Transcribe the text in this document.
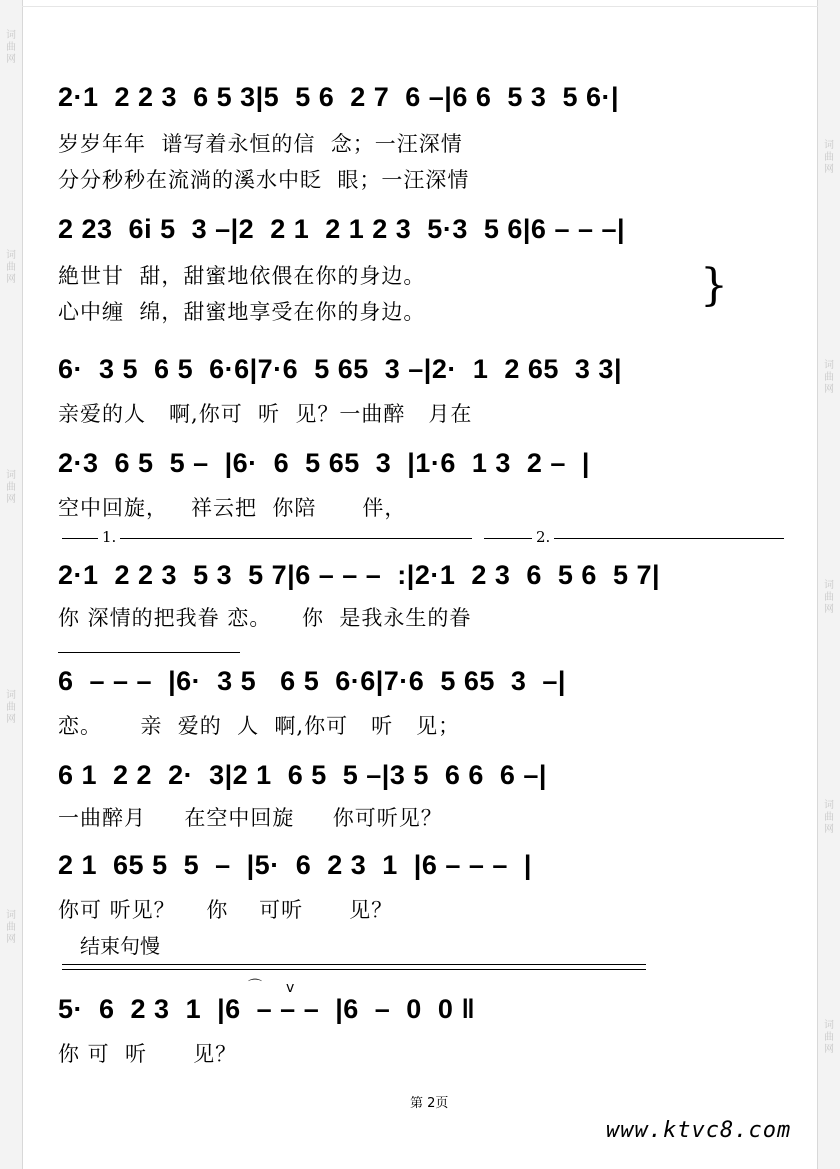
词曲网
词曲网
词曲网
词曲网
词曲网
词曲网
词曲网
词曲网
词曲网
词曲网
2·1  2 2 3  6 5 3|5  5 6  2 7  6 –|6 6  5 3  5 6·|
岁岁年年  谱写着永恒的信  念；一汪深情
分分秒秒在流淌的溪水中眨  眼；一汪深情
2 23  6i 5  3 –|2  2 1  2 1 2 3  5·3  5 6|6 – – –|
絶世甘  甜，甜蜜地依偎在你的身边。
心中缠  绵，甜蜜地享受在你的身边。
}
6·  3 5  6 5  6·6|7·6  5 65  3 –|2·  1  2 65  3 3|
亲爱的人   啊,你可  听  见？一曲醉   月在
2·3  6 5  5 –  |6·  6  5 65  3  |1·6  1 3  2 –  |
空中回旋，   祥云把  你陪      伴，
1.	2.
2·1  2 2 3  5 3  5 7|6 – – –  :|2·1  2 3  6  5 6  5 7|
你 深情的把我眷 恋。    你  是我永生的眷
6  – – –  |6·  3 5   6 5  6·6|7·6  5 65  3  –|
恋。     亲  爱的  人  啊,你可   听   见；
6 1  2 2  2·  3|2 1  6 5  5 –|3 5  6 6  6 –|
一曲醉月     在空中回旋     你可听见？
2 1  65 5  5  –  |5·  6  2 3  1  |6 – – –  |
你可 听见？    你    可听      见？
结束句慢
⌒ v
5·  6  2 3  1  |6  – – –  |6  –  0  0 ‖
你 可  听      见？
第 2页
www.ktvc8.com
